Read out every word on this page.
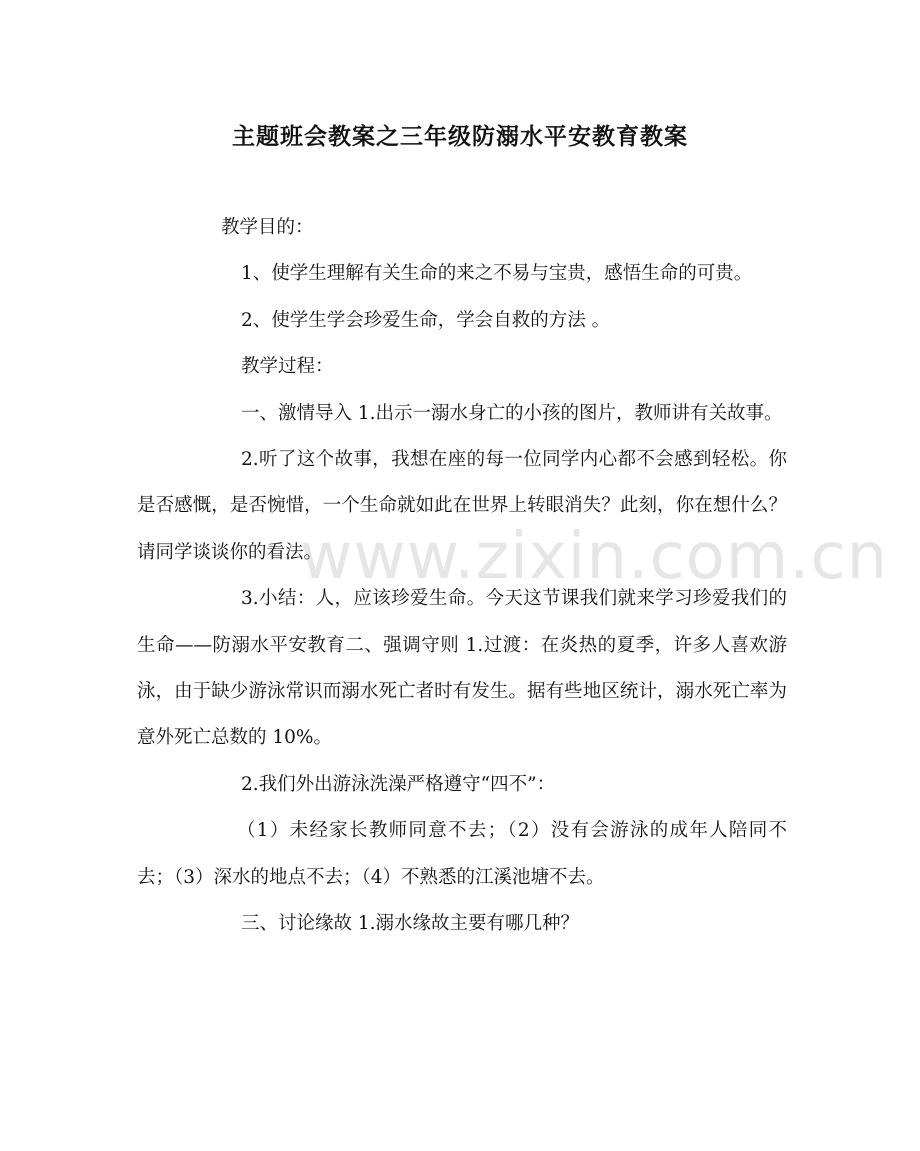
www.zixin.com.cn
主题班会教案之三年级防溺水平安教育教案

教学目的：

1、使学生理解有关生命的来之不易与宝贵，感悟生命的可贵。

2、使学生学会珍爱生命，学会自救的方法 。

教学过程：

一、激情导入 1.出示一溺水身亡的小孩的图片，教师讲有关故事。

2.听了这个故事，我想在座的每一位同学内心都不会感到轻松。你是否感慨，是否惋惜，一个生命就如此在世界上转眼消失？此刻，你在想什么？请同学谈谈你的看法。

3.小结：人，应该珍爱生命。今天这节课我们就来学习珍爱我们的生命——防溺水平安教育二、强调守则 1.过渡：在炎热的夏季，许多人喜欢游泳，由于缺少游泳常识而溺水死亡者时有发生。据有些地区统计，溺水死亡率为意外死亡总数的 10%。

2.我们外出游泳洗澡严格遵守“四不”：

（1）未经家长教师同意不去；（2）没有会游泳的成年人陪同不去；（3）深水的地点不去；（4）不熟悉的江溪池塘不去。

三、讨论缘故 1.溺水缘故主要有哪几种？
